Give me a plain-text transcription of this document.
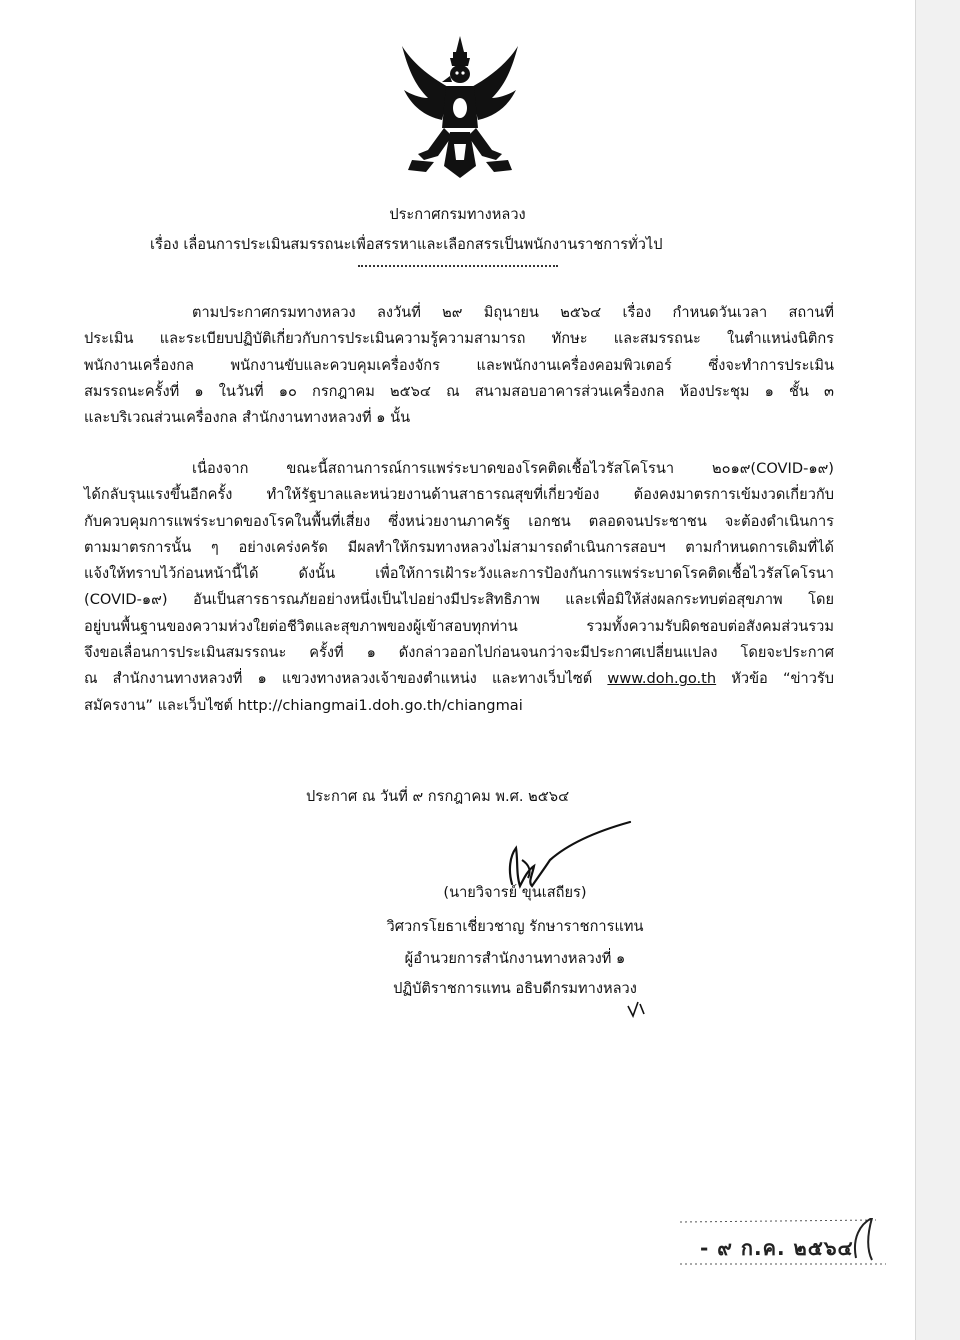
ประกาศกรมทางหลวง
เรื่อง เลื่อนการประเมินสมรรถนะเพื่อสรรหาและเลือกสรรเป็นพนักงานราชการทั่วไป
ตามประกาศกรมทางหลวง ลงวันที่ ๒๙ มิถุนายน ๒๕๖๔ เรื่อง กำหนดวันเวลา สถานที่
ประเมิน และระเบียบปฏิบัติเกี่ยวกับการประเมินความรู้ความสามารถ ทักษะ และสมรรถนะ ในตำแหน่งนิติกร
พนักงานเครื่องกล พนักงานขับและควบคุมเครื่องจักร และพนักงานเครื่องคอมพิวเตอร์ ซึ่งจะทำการประเมิน
สมรรถนะครั้งที่ ๑ ในวันที่ ๑๐ กรกฎาคม ๒๕๖๔ ณ สนามสอบอาคารส่วนเครื่องกล ห้องประชุม ๑ ชั้น ๓
และบริเวณส่วนเครื่องกล สำนักงานทางหลวงที่ ๑ นั้น
เนื่องจาก ขณะนี้สถานการณ์การแพร่ระบาดของโรคติดเชื้อไวรัสโคโรนา ๒๐๑๙(COVID-๑๙)
ได้กลับรุนแรงขึ้นอีกครั้ง ทำให้รัฐบาลและหน่วยงานด้านสาธารณสุขที่เกี่ยวข้อง ต้องคงมาตรการเข้มงวดเกี่ยวกับ
กับควบคุมการแพร่ระบาดของโรคในพื้นที่เสี่ยง ซึ่งหน่วยงานภาครัฐ เอกชน ตลอดจนประชาชน จะต้องดำเนินการ
ตามมาตรการนั้น ๆ อย่างเคร่งครัด มีผลทำให้กรมทางหลวงไม่สามารถดำเนินการสอบฯ ตามกำหนดการเดิมที่ได้
แจ้งให้ทราบไว้ก่อนหน้านี้ได้ ดังนั้น เพื่อให้การเฝ้าระวังและการป้องกันการแพร่ระบาดโรคติดเชื้อไวรัสโคโรนา
(COVID-๑๙) อันเป็นสารธารณภัยอย่างหนึ่งเป็นไปอย่างมีประสิทธิภาพ และเพื่อมิให้ส่งผลกระทบต่อสุขภาพ โดย
อยู่บนพื้นฐานของความห่วงใยต่อชีวิตและสุขภาพของผู้เข้าสอบทุกท่าน รวมทั้งความรับผิดชอบต่อสังคมส่วนรวม
จึงขอเลื่อนการประเมินสมรรถนะ ครั้งที่ ๑ ดังกล่าวออกไปก่อนจนกว่าจะมีประกาศเปลี่ยนแปลง โดยจะประกาศ
ณ สำนักงานทางหลวงที่ ๑ แขวงทางหลวงเจ้าของตำแหน่ง และทางเว็บไซต์ www.doh.go.th หัวข้อ “ข่าวรับ
สมัครงาน” และเว็บไซต์ http://chiangmai1.doh.go.th/chiangmai
ประกาศ ณ วันที่ ๙ กรกฎาคม พ.ศ. ๒๕๖๔
(นายวิจารย์ ขุนเสถียร)
วิศวกรโยธาเชี่ยวชาญ รักษาราชการแทน
ผู้อำนวยการสำนักงานทางหลวงที่ ๑
ปฏิบัติราชการแทน อธิบดีกรมทางหลวง
- ๙ ก.ค. ๒๕๖๔
